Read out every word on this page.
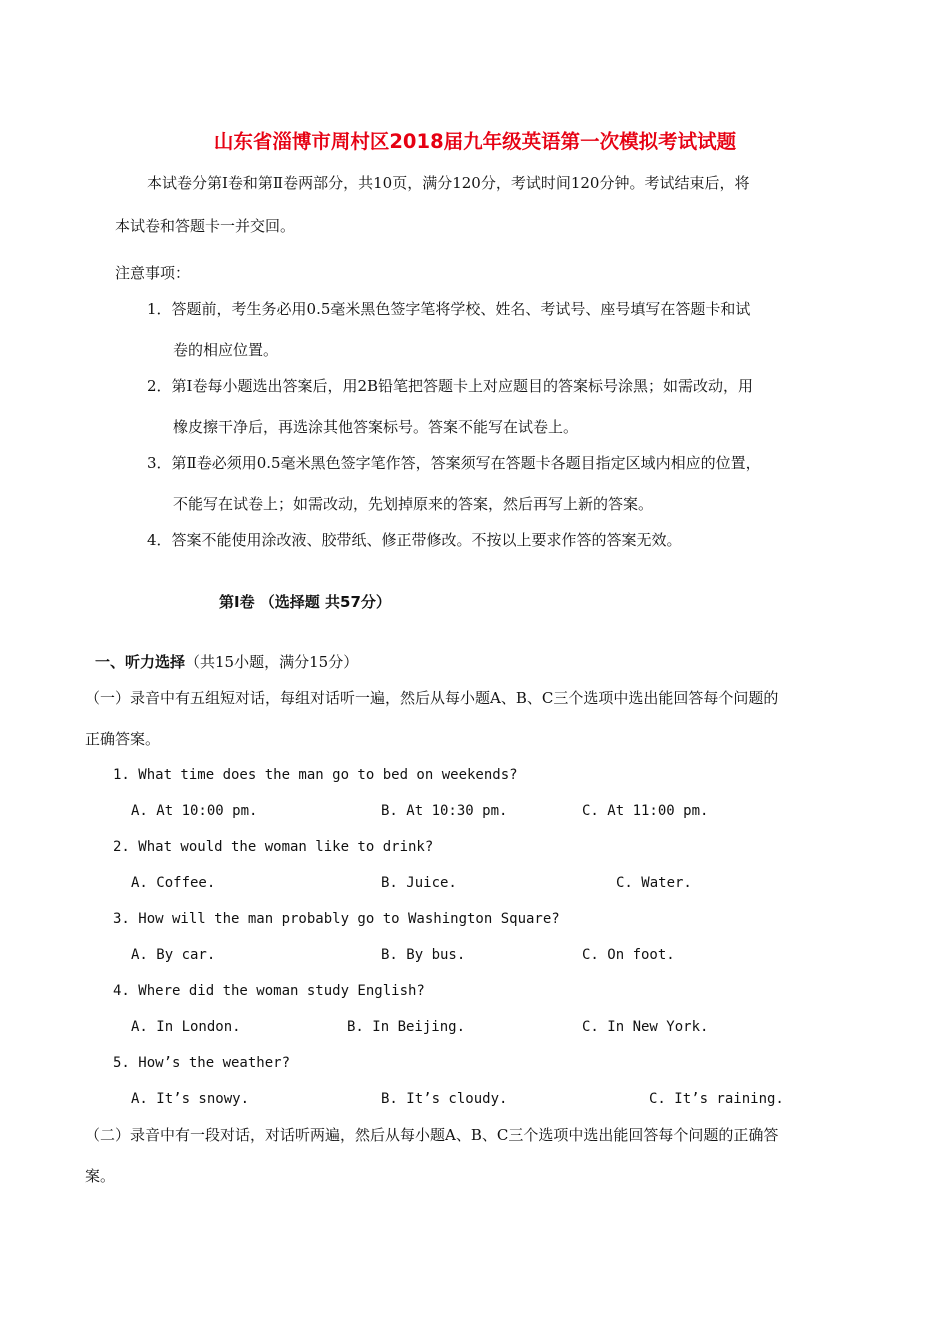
山东省淄博市周村区2018届九年级英语第一次模拟考试试题
本试卷分第Ⅰ卷和第Ⅱ卷两部分，共10页，满分120分，考试时间120分钟。考试结束后，将
本试卷和答题卡一并交回。
注意事项：
1．答题前，考生务必用0.5毫米黑色签字笔将学校、姓名、考试号、座号填写在答题卡和试
卷的相应位置。
2．第Ⅰ卷每小题选出答案后，用2B铅笔把答题卡上对应题目的答案标号涂黑；如需改动，用
橡皮擦干净后，再选涂其他答案标号。答案不能写在试卷上。
3．第Ⅱ卷必须用0.5毫米黑色签字笔作答，答案须写在答题卡各题目指定区域内相应的位置，
不能写在试卷上；如需改动，先划掉原来的答案，然后再写上新的答案。
4．答案不能使用涂改液、胶带纸、修正带修改。不按以上要求作答的答案无效。
第Ⅰ卷 （选择题 共57分）
一、听力选择（共15小题，满分15分）
（一）录音中有五组短对话，每组对话听一遍，然后从每小题A、B、C三个选项中选出能回答每个问题的
正确答案。
1. What time does the man go to bed on weekends?
A. At 10:00 pm.	B. At 10:30 pm.	C. At 11:00 pm.
2. What would the woman like to drink?
A. Coffee.	B. Juice.	C. Water.
3. How will the man probably go to Washington Square?
A. By car.	B. By bus.	C. On foot.
4. Where did the woman study English?
A. In London.	B. In Beijing.	C. In New York.
5. How’s the weather?
A. It’s snowy.	B. It’s cloudy.	C. It’s raining.
（二）录音中有一段对话，对话听两遍，然后从每小题A、B、C三个选项中选出能回答每个问题的正确答
案。
